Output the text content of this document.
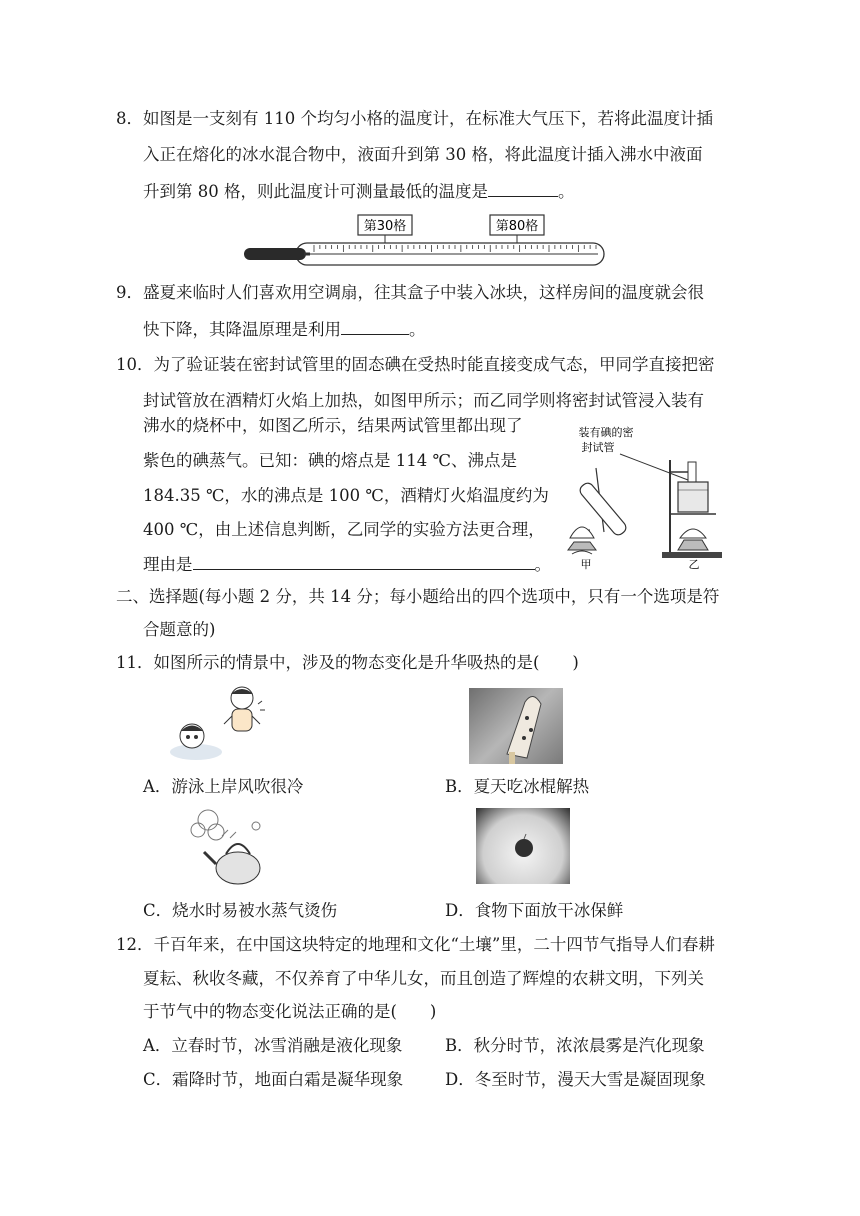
8．如图是一支刻有 110 个均匀小格的温度计，在标准大气压下，若将此温度计插
入正在熔化的冰水混合物中，液面升到第 30 格，将此温度计插入沸水中液面
升到第 80 格，则此温度计可测量最低的温度是	。
第30格	第80格
9．盛夏来临时人们喜欢用空调扇，往其盒子中装入冰块，这样房间的温度就会很
快下降，其降温原理是利用	。
10．为了验证装在密封试管里的固态碘在受热时能直接变成气态，甲同学直接把密
封试管放在酒精灯火焰上加热，如图甲所示；而乙同学则将密封试管浸入装有
沸水的烧杯中，如图乙所示，结果两试管里都出现了
紫色的碘蒸气。已知：碘的熔点是 114 ℃、沸点是
184.35 ℃，水的沸点是 100 ℃，酒精灯火焰温度约为
400 ℃，由上述信息判断，乙同学的实验方法更合理，
理由是	。
装有碘的密
封试管
甲	乙
二、选择题(每小题 2 分，共 14 分；每小题给出的四个选项中，只有一个选项是符
合题意的)
11．如图所示的情景中，涉及的物态变化是升华吸热的是(　　)
A．游泳上岸风吹很冷	B．夏天吃冰棍解热
C．烧水时易被水蒸气烫伤	D．食物下面放干冰保鲜
12．千百年来，在中国这块特定的地理和文化“土壤”里，二十四节气指导人们春耕
夏耘、秋收冬藏，不仅养育了中华儿女，而且创造了辉煌的农耕文明，下列关
于节气中的物态变化说法正确的是(　　)
A．立春时节，冰雪消融是液化现象	B．秋分时节，浓浓晨雾是汽化现象
C．霜降时节，地面白霜是凝华现象	D．冬至时节，漫天大雪是凝固现象
